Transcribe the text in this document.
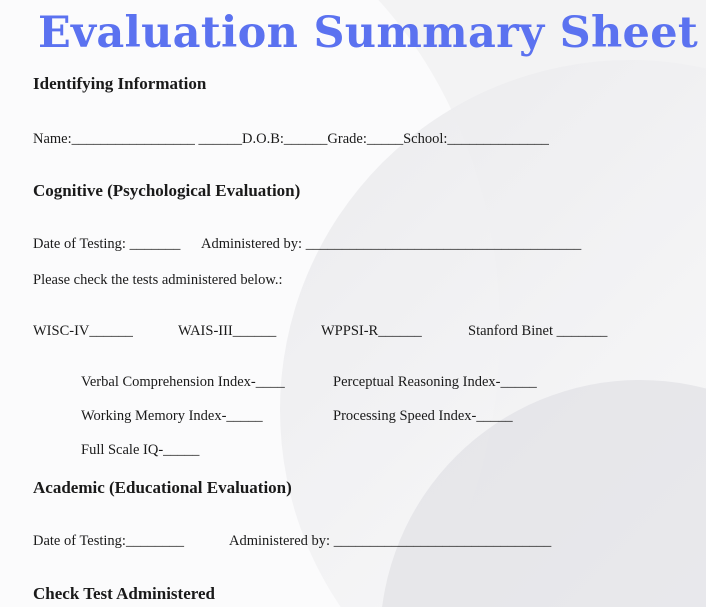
Evaluation Summary Sheet
Identifying Information
Name:_________________ ______D.O.B:______Grade:_____School:______________
Cognitive (Psychological Evaluation)
Date of Testing: _______ Administered by: ______________________________________
Please check the tests administered below.:
WISC-IV______	WAIS-III______	WPPSI-R______	Stanford Binet _______
Verbal Comprehension Index-____	Perceptual Reasoning Index-_____
Working Memory Index-_____	Processing Speed Index-_____
Full Scale IQ-_____
Academic (Educational Evaluation)
Date of Testing:________	Administered by: ______________________________
Check Test Administered
